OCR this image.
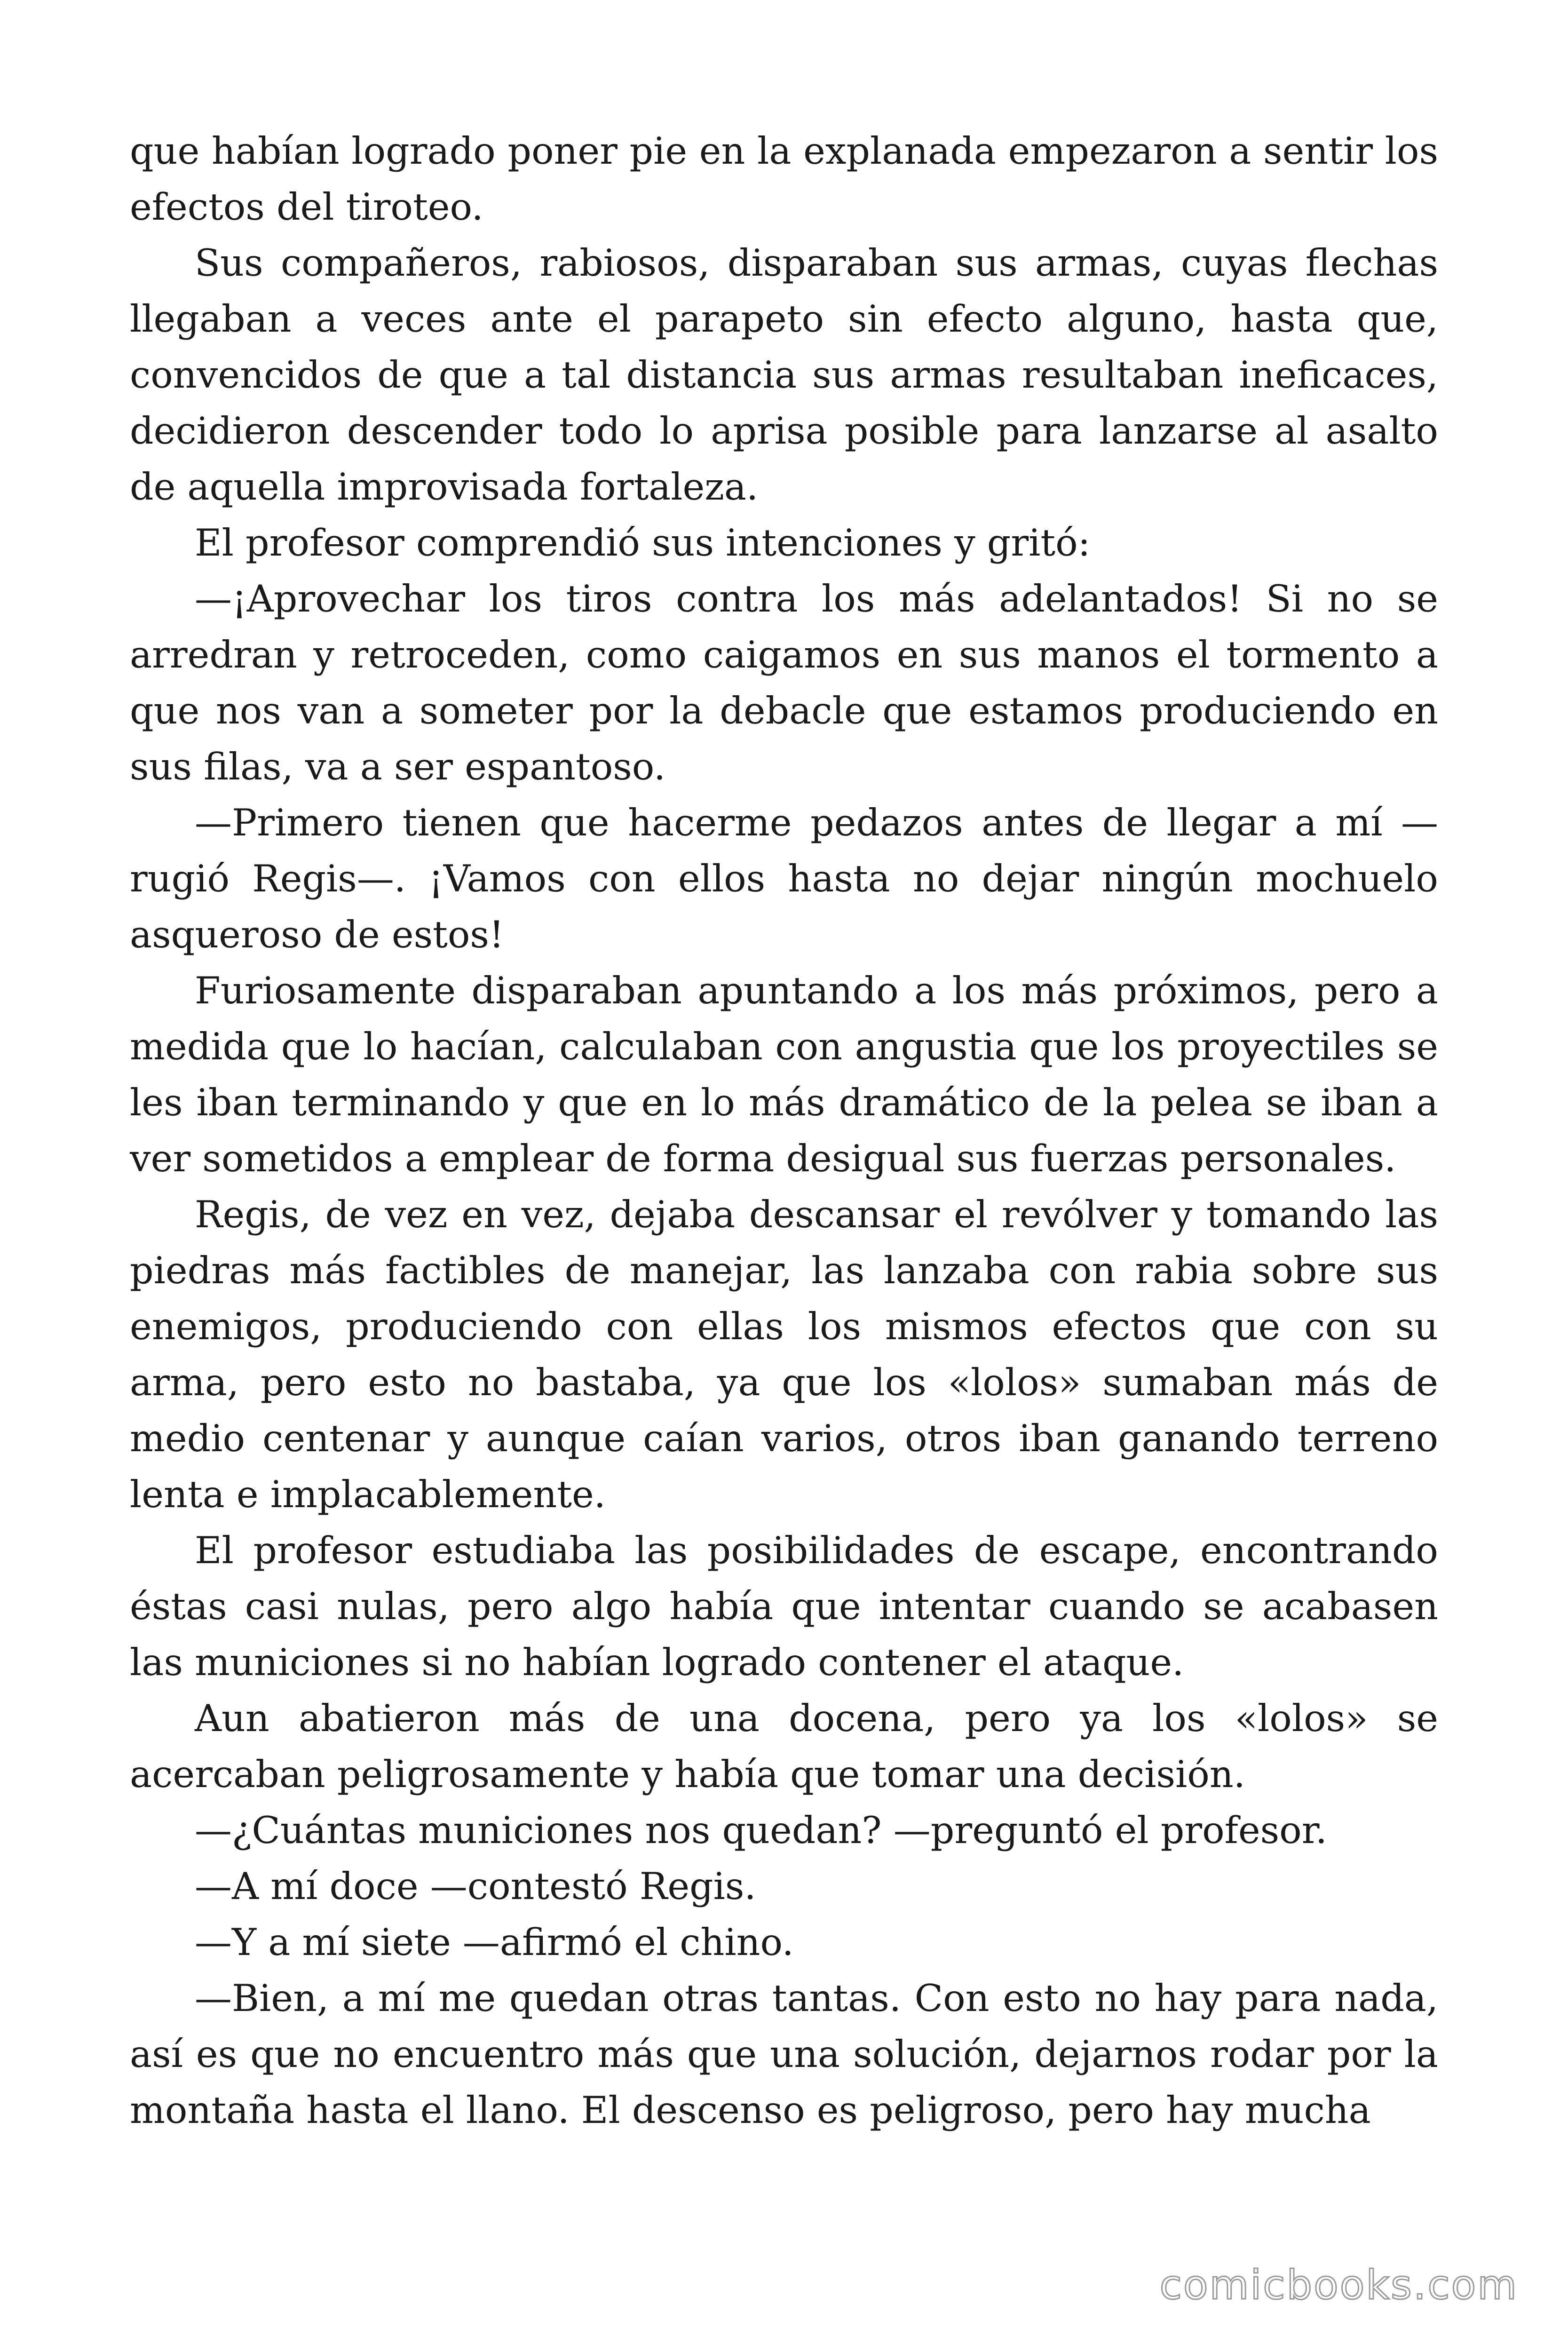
que habían logrado poner pie en la explanada empezaron a sentir los efectos del tiroteo.

Sus compañeros, rabiosos, disparaban sus armas, cuyas flechas llegaban a veces ante el parapeto sin efecto alguno, hasta que, convencidos de que a tal distancia sus armas resultaban ineficaces, decidieron descender todo lo aprisa posible para lanzarse al asalto de aquella improvisada fortaleza.

El profesor comprendió sus intenciones y gritó:

—¡Aprovechar los tiros contra los más adelantados! Si no se arredran y retroceden, como caigamos en sus manos el tormento a que nos van a someter por la debacle que estamos produciendo en sus filas, va a ser espantoso.

—Primero tienen que hacerme pedazos antes de llegar a mí —rugió Regis—. ¡Vamos con ellos hasta no dejar ningún mochuelo asqueroso de estos!

Furiosamente disparaban apuntando a los más próximos, pero a medida que lo hacían, calculaban con angustia que los proyectiles se les iban terminando y que en lo más dramático de la pelea se iban a ver sometidos a emplear de forma desigual sus fuerzas personales.

Regis, de vez en vez, dejaba descansar el revólver y tomando las piedras más factibles de manejar, las lanzaba con rabia sobre sus enemigos, produciendo con ellas los mismos efectos que con su arma, pero esto no bastaba, ya que los «lolos» sumaban más de medio centenar y aunque caían varios, otros iban ganando terreno lenta e implacablemente.

El profesor estudiaba las posibilidades de escape, encontrando éstas casi nulas, pero algo había que intentar cuando se acabasen las municiones si no habían logrado contener el ataque.

Aun abatieron más de una docena, pero ya los «lolos» se acercaban peligrosamente y había que tomar una decisión.

—¿Cuántas municiones nos quedan? —preguntó el profesor.

—A mí doce —contestó Regis.

—Y a mí siete —afirmó el chino.

—Bien, a mí me quedan otras tantas. Con esto no hay para nada, así es que no encuentro más que una solución, dejarnos rodar por la montaña hasta el llano. El descenso es peligroso, pero hay mucha

comicbooks.com
